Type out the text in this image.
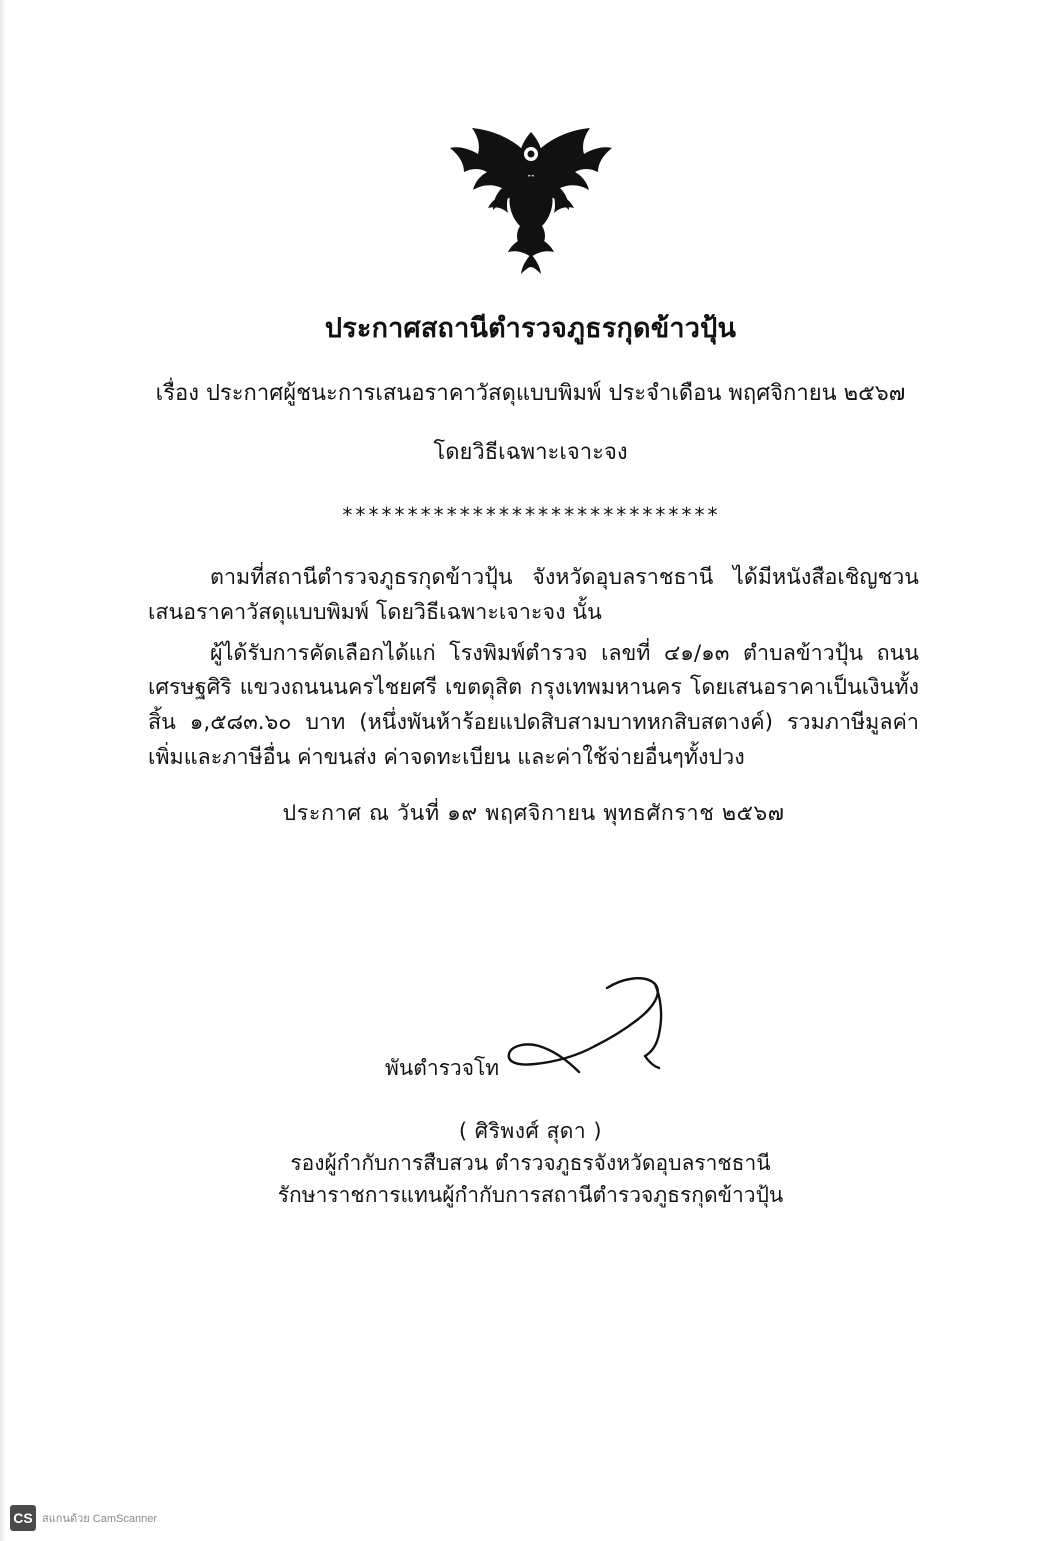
ประกาศสถานีตำรวจภูธรกุดข้าวปุ้น
เรื่อง ประกาศผู้ชนะการเสนอราคาวัสดุแบบพิมพ์ ประจำเดือน พฤศจิกายน ๒๕๖๗
โดยวิธีเฉพาะเจาะจง
*****************************

ตามที่สถานีตำรวจภูธรกุดข้าวปุ้น จังหวัดอุบลราชธานี ได้มีหนังสือเชิญชวนเสนอราคาวัสดุแบบพิมพ์ โดยวิธีเฉพาะเจาะจง นั้น

ผู้ได้รับการคัดเลือกได้แก่ โรงพิมพ์ตำรวจ เลขที่ ๔๑/๑๓ ตำบลข้าวปุ้น ถนนเศรษฐศิริ แขวงถนนนครไชยศรี เขตดุสิต กรุงเทพมหานคร โดยเสนอราคาเป็นเงินทั้งสิ้น ๑,๕๘๓.๖๐ บาท (หนึ่งพันห้าร้อยแปดสิบสามบาทหกสิบสตางค์) รวมภาษีมูลค่าเพิ่มและภาษีอื่น ค่าขนส่ง ค่าจดทะเบียน และค่าใช้จ่ายอื่นๆทั้งปวง

ประกาศ ณ วันที่ ๑๙ พฤศจิกายน พุทธศักราช ๒๕๖๗
พันตำรวจโท
( ศิริพงศ์ สุดา )
รองผู้กำกับการสืบสวน ตำรวจภูธรจังหวัดอุบลราชธานี
รักษาราชการแทนผู้กำกับการสถานีตำรวจภูธรกุดข้าวปุ้น
CS สแกนด้วย CamScanner
